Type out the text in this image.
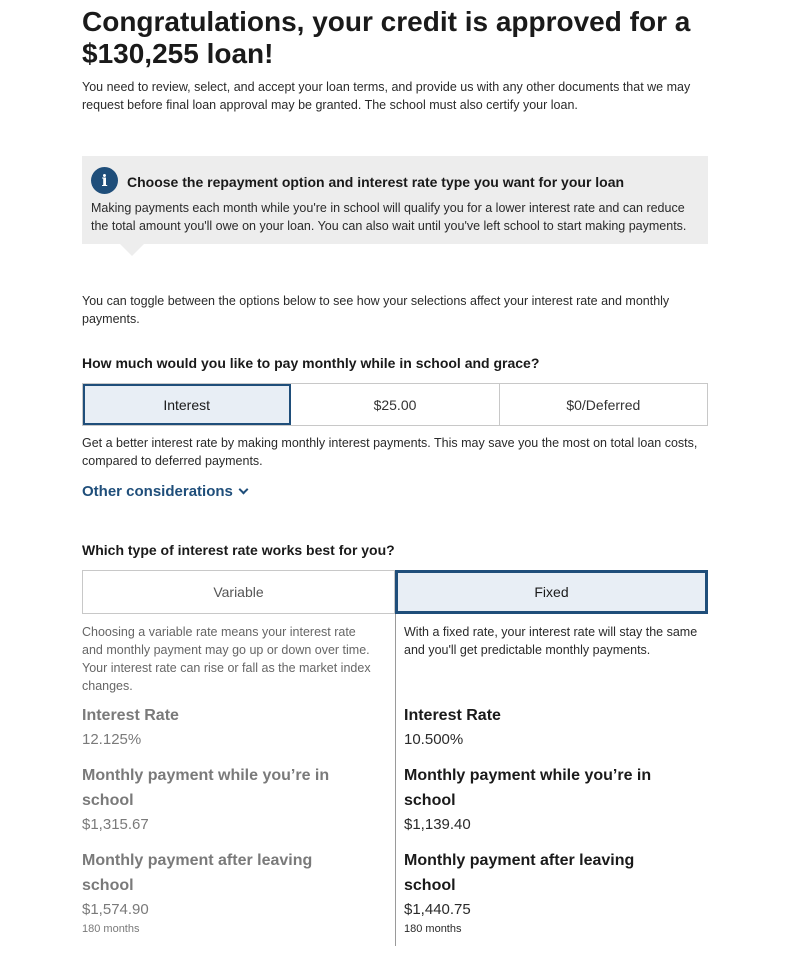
Congratulations, your credit is approved for a $130,255 loan!

You need to review, select, and accept your loan terms, and provide us with any other documents that we may request before final loan approval may be granted. The school must also certify your loan.

i	Choose the repayment option and interest rate type you want for your loan

Making payments each month while you're in school will qualify you for a lower interest rate and can reduce the total amount you'll owe on your loan. You can also wait until you've left school to start making payments.

You can toggle between the options below to see how your selections affect your interest rate and monthly payments.

How much would you like to pay monthly while in school and grace?
Interest	$25.00	$0/Deferred

Get a better interest rate by making monthly interest payments. This may save you the most on total loan costs, compared to deferred payments.

Other considerations
Which type of interest rate works best for you?
Variable	Fixed

Choosing a variable rate means your interest rate and monthly payment may go up or down over time. Your interest rate can rise or fall as the market index changes.

Interest Rate
12.125%
Monthly payment while you’re in school
$1,315.67
Monthly payment after leaving school
$1,574.90
180 months

With a fixed rate, your interest rate will stay the same and you'll get predictable monthly payments.

Interest Rate
10.500%
Monthly payment while you’re in school
$1,139.40
Monthly payment after leaving school
$1,440.75
180 months
